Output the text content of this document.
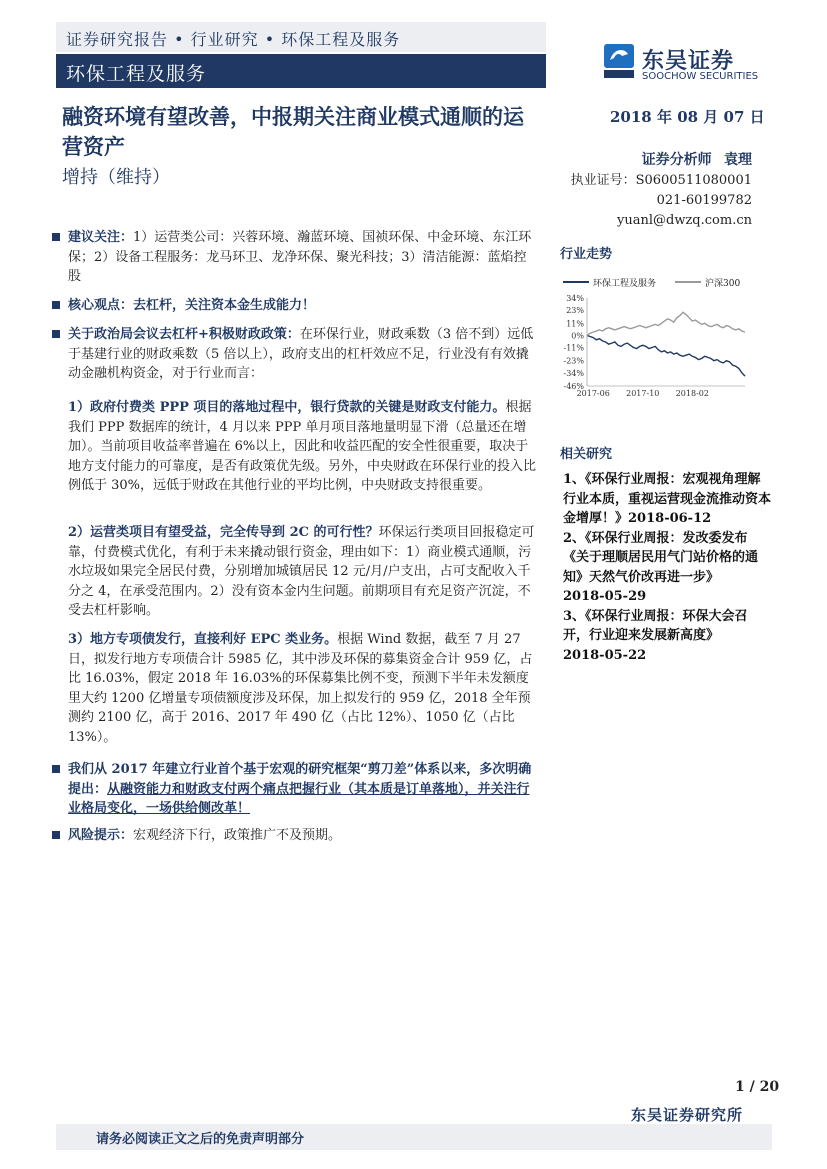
证券研究报告 • 行业研究 • 环保工程及服务
环保工程及服务	东吴证券
SOOCHOW SECURITIES
融资环境有望改善，中报期关注商业模式通顺的运营资产
增持（维持）
2018 年 08 月 07 日
证券分析师 袁理
执业证号：S0600511080001
021-60199782
yuanl@dwzq.com.cn
建议关注：1）运营类公司：兴蓉环境、瀚蓝环境、国祯环保、中金环境、东江环保；2）设备工程服务：龙马环卫、龙净环保、聚光科技；3）清洁能源：蓝焰控股
核心观点：去杠杆，关注资本金生成能力！
关于政治局会议去杠杆+积极财政政策：在环保行业，财政乘数（3 倍不到）远低于基建行业的财政乘数（5 倍以上），政府支出的杠杆效应不足，行业没有有效撬动金融机构资金，对于行业而言：
1）政府付费类 PPP 项目的落地过程中，银行贷款的关键是财政支付能力。根据我们 PPP 数据库的统计，4 月以来 PPP 单月项目落地量明显下滑（总量还在增加）。当前项目收益率普遍在 6%以上，因此和收益匹配的安全性很重要，取决于地方支付能力的可靠度，是否有政策优先级。另外，中央财政在环保行业的投入比例低于 30%，远低于财政在其他行业的平均比例，中央财政支持很重要。
2）运营类项目有望受益，完全传导到 2C 的可行性？环保运行类项目回报稳定可靠，付费模式优化，有利于未来撬动银行资金，理由如下：1）商业模式通顺，污水垃圾如果完全居民付费，分别增加城镇居民 12 元/月/户支出，占可支配收入千分之 4，在承受范围内。2）没有资本金内生问题。前期项目有充足资产沉淀，不受去杠杆影响。
3）地方专项债发行，直接利好 EPC 类业务。根据 Wind 数据，截至 7 月 27 日，拟发行地方专项债合计 5985 亿，其中涉及环保的募集资金合计 959 亿，占比 16.03%，假定 2018 年 16.03%的环保募集比例不变，预测下半年未发额度里大约 1200 亿增量专项债额度涉及环保，加上拟发行的 959 亿，2018 全年预测约 2100 亿，高于 2016、2017 年 490 亿（占比 12%）、1050 亿（占比 13%）。
我们从 2017 年建立行业首个基于宏观的研究框架“剪刀差”体系以来，多次明确提出：从融资能力和财政支付两个痛点把握行业（其本质是订单落地），并关注行业格局变化，一场供给侧改革！
风险提示：宏观经济下行，政策推广不及预期。
行业走势
环保工程及服务	沪深300
34%
23%
11%
0%
-11%
-23%
-34%
-46%
2017-06 2017-10 2018-02
相关研究
1、《环保行业周报：宏观视角理解行业本质，重视运营现金流推动资本金增厚！》2018-06-12
2、《环保行业周报：发改委发布《关于理顺居民用气门站价格的通知》天然气价改再进一步》
2018-05-29
3、《环保行业周报：环保大会召开，行业迎来发展新高度》
2018-05-22
1 / 20
东吴证券研究所
请务必阅读正文之后的免责声明部分
